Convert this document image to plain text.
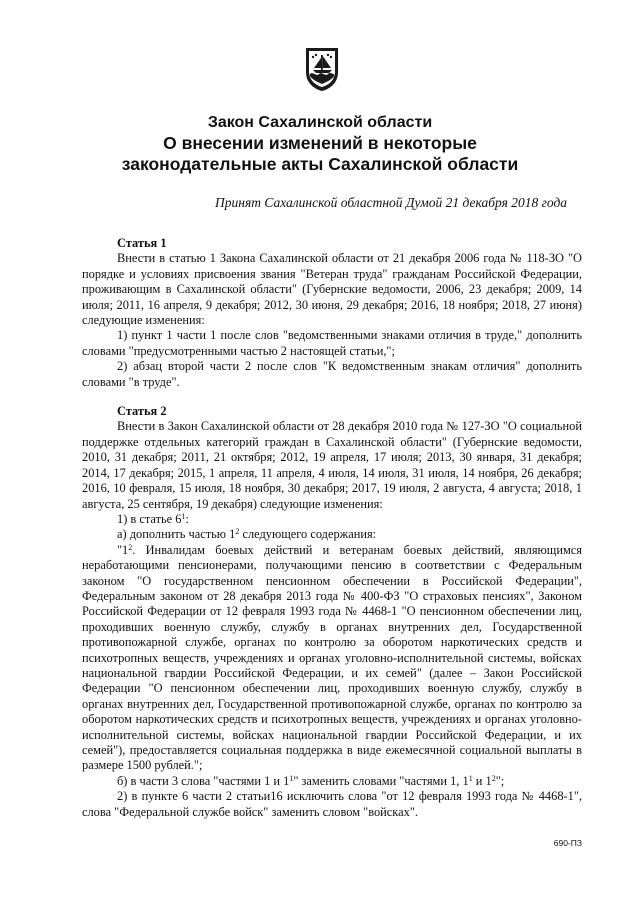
Закон Сахалинской области
О внесении изменений в некоторые
законодательные акты Сахалинской области
Принят Сахалинской областной Думой 21 декабря 2018 года

Статья 1

Внести в статью 1 Закона Сахалинской области от 21 декабря 2006 года № 118-ЗО "О порядке и условиях присвоения звания "Ветеран труда" гражданам Российской Федерации, проживающим в Сахалинской области" (Губернские ведомости, 2006, 23 декабря; 2009, 14 июля; 2011, 16 апреля, 9 декабря; 2012, 30 июня, 29 декабря; 2016, 18 ноября; 2018, 27 июня) следующие изменения:

1) пункт 1 части 1 после слов "ведомственными знаками отличия в труде," дополнить словами "предусмотренными частью 2 настоящей статьи,";

2) абзац второй части 2 после слов "К ведомственным знакам отличия" дополнить словами "в труде".

Статья 2

Внести в Закон Сахалинской области от 28 декабря 2010 года № 127-ЗО "О социальной поддержке отдельных категорий граждан в Сахалинской области" (Губернские ведомости, 2010, 31 декабря; 2011, 21 октября; 2012, 19 апреля, 17 июля; 2013, 30 января, 31 декабря; 2014, 17 декабря; 2015, 1 апреля, 11 апреля, 4 июля, 14 июля, 31 июля, 14 ноября, 26 декабря; 2016, 10 февраля, 15 июля, 18 ноября, 30 декабря; 2017, 19 июля, 2 августа, 4 августа; 2018, 1 августа, 25 сентября, 19 декабря) следующие изменения:

1) в статье $6^1$:

а) дополнить частью $1^2$ следующего содержания:

"$1^2$. Инвалидам боевых действий и ветеранам боевых действий, являющимся неработающими пенсионерами, получающими пенсию в соответствии с Федеральным законом "О государственном пенсионном обеспечении в Российской Федерации", Федеральным законом от 28 декабря 2013 года № 400-ФЗ "О страховых пенсиях", Законом Российской Федерации от 12 февраля 1993 года № 4468-1 "О пенсионном обеспечении лиц, проходивших военную службу, службу в органах внутренних дел, Государственной противопожарной службе, органах по контролю за оборотом наркотических средств и психотропных веществ, учреждениях и органах уголовно-исполнительной системы, войсках национальной гвардии Российской Федерации, и их семей" (далее – Закон Российской Федерации "О пенсионном обеспечении лиц, проходивших военную службу, службу в органах внутренних дел, Государственной противопожарной службе, органах по контролю за оборотом наркотических средств и психотропных веществ, учреждениях и органах уголовно-исполнительной системы, войсках национальной гвардии Российской Федерации, и их семей"), предоставляется социальная поддержка в виде ежемесячной социальной выплаты в размере 1500 рублей.";

б) в части 3 слова "частями 1 и $1^1$" заменить словами "частями 1, $1^1$ и $1^2$";

2) в пункте 6 части 2 статьи16 исключить слова "от 12 февраля 1993 года № 4468-1", слова "Федеральной службе войск" заменить словом "войсках".

690-ПЗ
